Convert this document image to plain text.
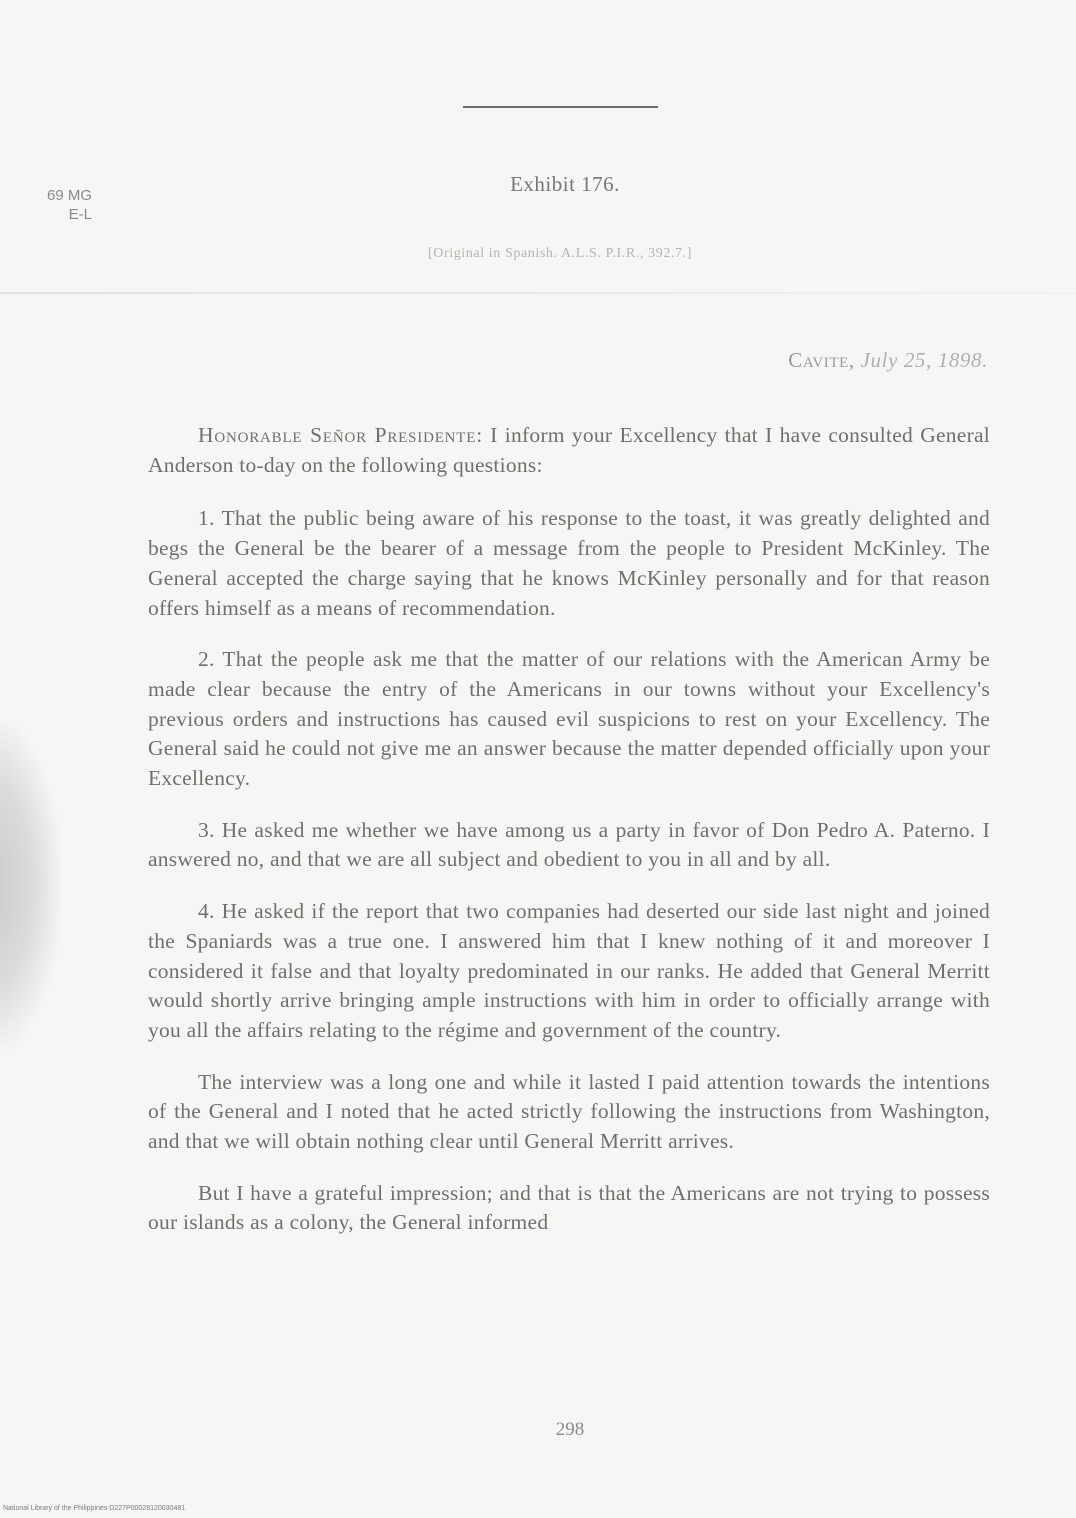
69 MG
E-L
Exhibit 176.
[Original in Spanish. A.L.S. P.I.R., 392.7.]
Cavite, July 25, 1898.

Honorable Señor Presidente: I inform your Excellency that I have consulted General Anderson to-day on the following questions:

1. That the public being aware of his response to the toast, it was greatly delighted and begs the General be the bearer of a message from the people to President McKinley. The General accepted the charge saying that he knows McKinley personally and for that reason offers himself as a means of recommendation.

2. That the people ask me that the matter of our relations with the American Army be made clear because the entry of the Americans in our towns without your Excellency's previous orders and instructions has caused evil suspicions to rest on your Excellency. The General said he could not give me an answer because the matter depended officially upon your Excellency.

3. He asked me whether we have among us a party in favor of Don Pedro A. Paterno. I answered no, and that we are all subject and obedient to you in all and by all.

4. He asked if the report that two companies had deserted our side last night and joined the Spaniards was a true one. I answered him that I knew nothing of it and moreover I considered it false and that loyalty predominated in our ranks. He added that General Merritt would shortly arrive bringing ample instructions with him in order to officially arrange with you all the affairs relating to the régime and government of the country.

The interview was a long one and while it lasted I paid attention towards the intentions of the General and I noted that he acted strictly following the instructions from Washington, and that we will obtain nothing clear until General Merritt arrives.

But I have a grateful impression; and that is that the Americans are not trying to possess our islands as a colony, the General informed

298
National Library of the Philippines D227P00028120030481
